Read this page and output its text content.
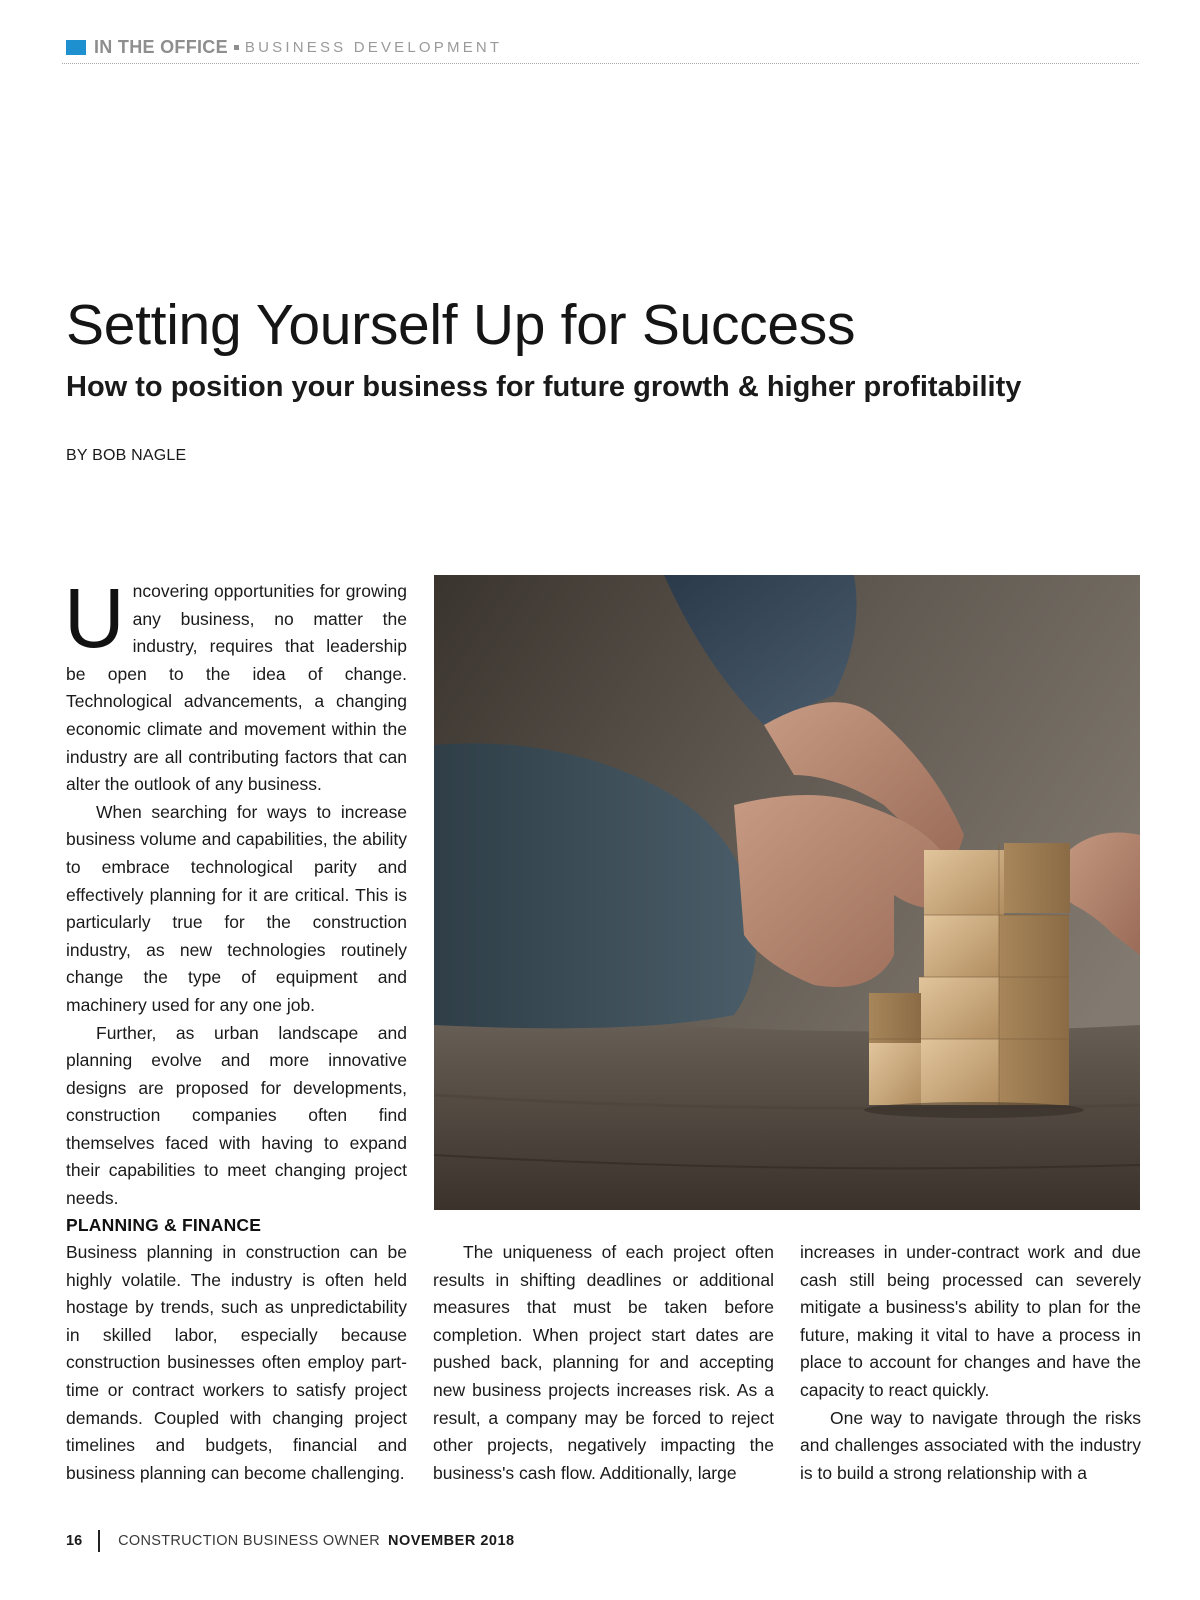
IN THE OFFICE BUSINESS DEVELOPMENT
Setting Yourself Up for Success
How to position your business for future growth & higher profitability
BY BOB NAGLE

Uncovering opportunities for growing any business, no matter the industry, requires that leadership be open to the idea of change. Technological advancements, a changing economic climate and movement within the industry are all contributing factors that can alter the outlook of any business.

When searching for ways to increase business volume and capabilities, the ability to embrace technological parity and effectively planning for it are critical. This is particularly true for the construction industry, as new technologies routinely change the type of equipment and machinery used for any one job.

Further, as urban landscape and planning evolve and more innovative designs are proposed for developments, construction companies often find themselves faced with having to expand their capabilities to meet changing project needs.

PLANNING & FINANCE

Business planning in construction can be highly volatile. The industry is often held hostage by trends, such as unpredictability in skilled labor, especially because construction businesses often employ part-time or contract workers to satisfy project demands. Coupled with changing project timelines and budgets, financial and business planning can become challenging.

The uniqueness of each project often results in shifting deadlines or additional measures that must be taken before completion. When project start dates are pushed back, planning for and accepting new business projects increases risk. As a result, a company may be forced to reject other projects, negatively impacting the business's cash flow. Additionally, large

increases in under-contract work and due cash still being processed can severely mitigate a business's ability to plan for the future, making it vital to have a process in place to account for changes and have the capacity to react quickly.

One way to navigate through the risks and challenges associated with the industry is to build a strong relationship with a

16 CONSTRUCTION BUSINESS OWNER NOVEMBER 2018
